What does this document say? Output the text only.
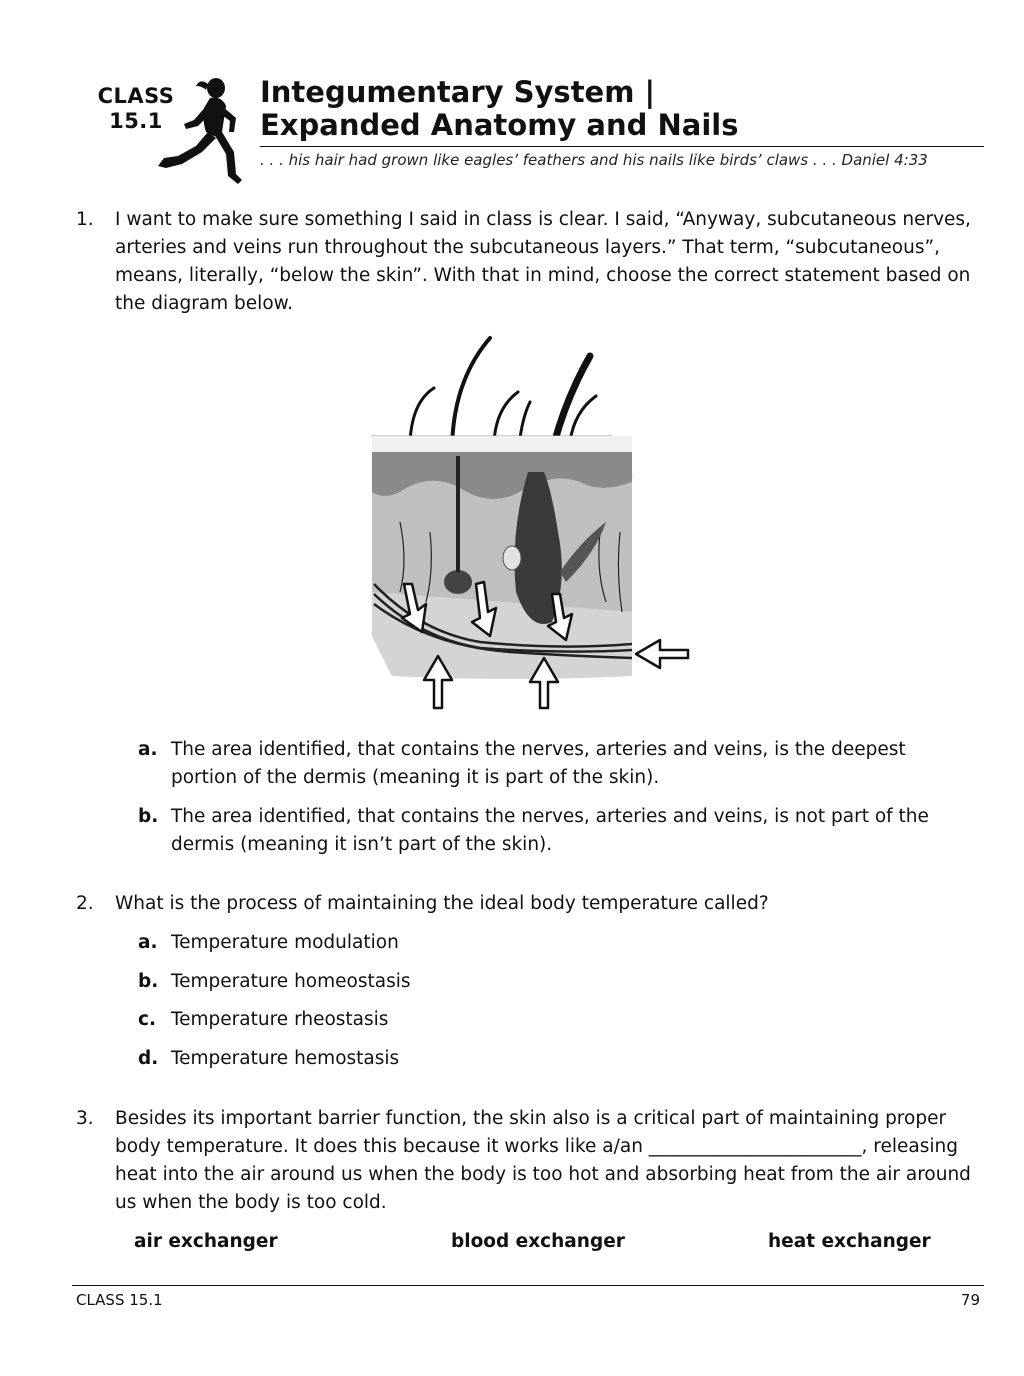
CLASS
15.1
Integumentary System |
Expanded Anatomy and Nails
. . . his hair had grown like eagles’ feathers and his nails like birds’ claws . . . Daniel 4:33
1. I want to make sure something I said in class is clear. I said, “Anyway, subcutaneous nerves, arteries and veins run throughout the subcutaneous layers.” That term, “subcutaneous”, means, literally, “below the skin”. With that in mind, choose the correct statement based on the diagram below.
a. The area identified, that contains the nerves, arteries and veins, is the deepest portion of the dermis (meaning it is part of the skin).
b. The area identified, that contains the nerves, arteries and veins, is not part of the dermis (meaning it isn’t part of the skin).
2. What is the process of maintaining the ideal body temperature called?
a. Temperature modulation
b. Temperature homeostasis
c. Temperature rheostasis
d. Temperature hemostasis
3. Besides its important barrier function, the skin also is a critical part of maintaining proper body temperature. It does this because it works like a/an _______________________, releasing heat into the air around us when the body is too hot and absorbing heat from the air around us when the body is too cold.
air exchanger	blood exchanger	heat exchanger
CLASS 15.1	79
